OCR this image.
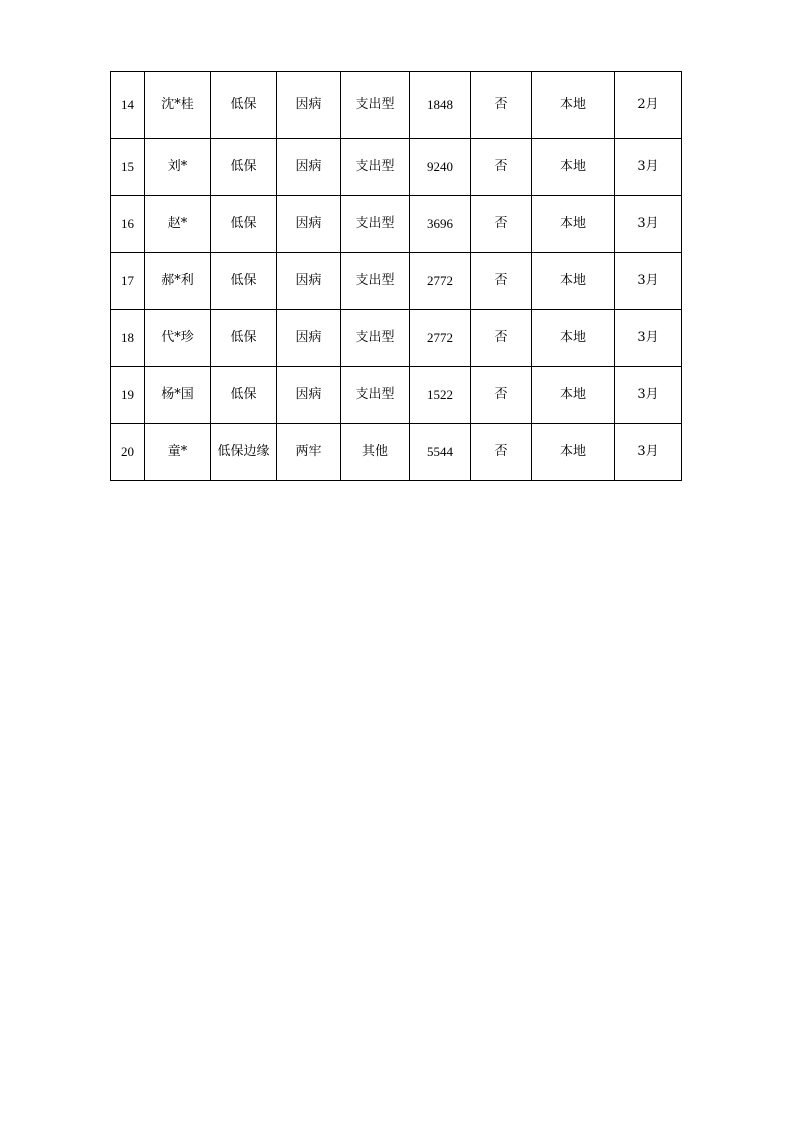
14	沈*桂	低保	因病	支出型	1848	否	本地	2月
15	刘*	低保	因病	支出型	9240	否	本地	3月
16	赵*	低保	因病	支出型	3696	否	本地	3月
17	郝*利	低保	因病	支出型	2772	否	本地	3月
18	代*珍	低保	因病	支出型	2772	否	本地	3月
19	杨*国	低保	因病	支出型	1522	否	本地	3月
20	童*	低保边缘	两牢	其他	5544	否	本地	3月
